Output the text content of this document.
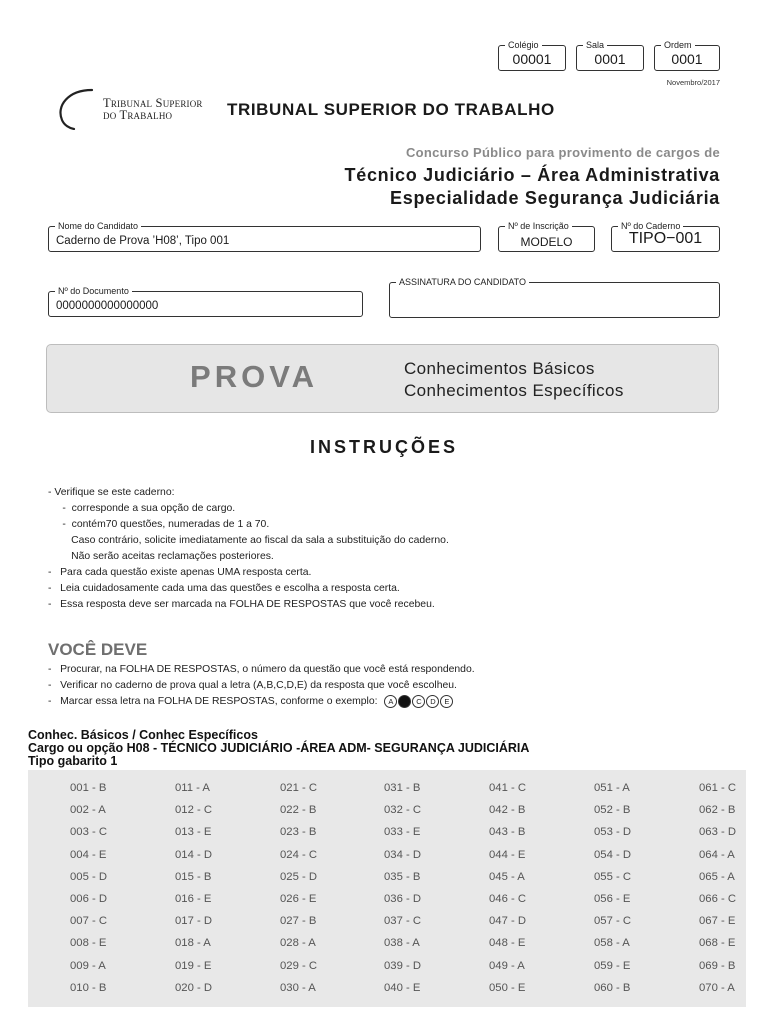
Colégio
00001
Sala
0001
Ordem
0001
Novembro/2017
Tribunal Superior
do Trabalho	TRIBUNAL SUPERIOR DO TRABALHO
Concurso Público para provimento de cargos de
Técnico Judiciário – Área Administrativa
Especialidade Segurança Judiciária
Nome do Candidato
Caderno de Prova ’H08’, Tipo 001
Nº de Inscrição
MODELO
Nº do Caderno
TIPO−001
Nº do Documento
0000000000000000
ASSINATURA DO CANDIDATO
PROVA	Conhecimentos Básicos
Conhecimentos Específicos
INSTRUÇÕES
- Verifique se este caderno:
-  corresponde a sua opção de cargo.
-  contém70 questões, numeradas de 1 a 70.
Caso contrário, solicite imediatamente ao fiscal da sala a substituição do caderno.
Não serão aceitas reclamações posteriores.
-   Para cada questão existe apenas UMA resposta certa.
-   Leia cuidadosamente cada uma das questões e escolha a resposta certa.
-   Essa resposta deve ser marcada na FOLHA DE RESPOSTAS que você recebeu.
VOCÊ DEVE
-   Procurar, na FOLHA DE RESPOSTAS, o número da questão que você está respondendo.
-   Verificar no caderno de prova qual a letra (A,B,C,D,E) da resposta que você escolheu.
-   Marcar essa letra na FOLHA DE RESPOSTAS, conforme o exemplo: A B C D E
Conhec. Básicos / Conhec Específicos
Cargo ou opção H08 - TÉCNICO JUDICIÁRIO -ÁREA ADM- SEGURANÇA JUDICIÁRIA
Tipo gabarito 1
001 - B
002 - A
003 - C
004 - E
005 - D
006 - D
007 - C
008 - E
009 - A
010 - B
011 - A
012 - C
013 - E
014 - D
015 - B
016 - E
017 - D
018 - A
019 - E
020 - D
021 - C
022 - B
023 - B
024 - C
025 - D
026 - E
027 - B
028 - A
029 - C
030 - A
031 - B
032 - C
033 - E
034 - D
035 - B
036 - D
037 - C
038 - A
039 - D
040 - E
041 - C
042 - B
043 - B
044 - E
045 - A
046 - C
047 - D
048 - E
049 - A
050 - E
051 - A
052 - B
053 - D
054 - D
055 - C
056 - E
057 - C
058 - A
059 - E
060 - B
061 - C
062 - B
063 - D
064 - A
065 - A
066 - C
067 - E
068 - E
069 - B
070 - A
